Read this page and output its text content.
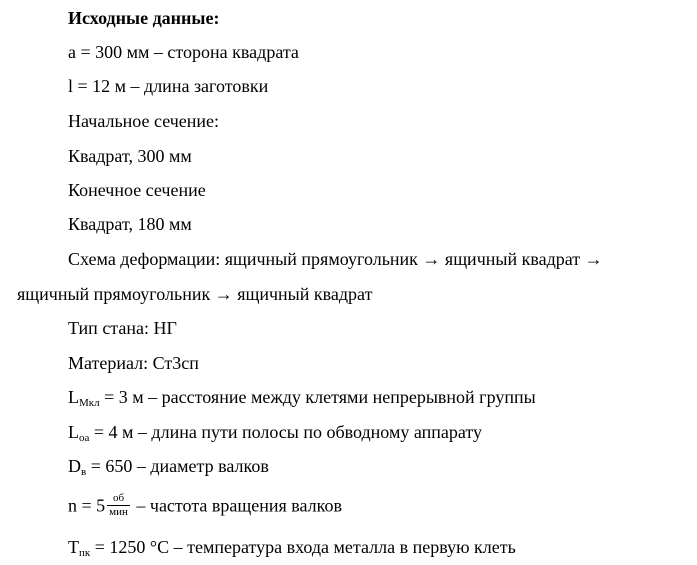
Исходные данные:
a = 300 мм – сторона квадрата
l = 12 м – длина заготовки
Начальное сечение:
Квадрат, 300 мм
Конечное сечение
Квадрат, 180 мм
Схема деформации: ящичный прямоугольник → ящичный квадрат →
ящичный прямоугольник → ящичный квадрат
Тип стана: НГ
Материал: Ст3сп
$L_{Мкл} = 3$ м – расстояние между клетями непрерывной группы
$L_{оа} = 4$ м – длина пути полосы по обводному аппарату
$D_в = 650$ – диаметр валков
$n = 5 \frac{об}{\text{мин}}$ – частота вращения валков
$T_{пк} = 1250$ °С – температура входа металла в первую клеть
